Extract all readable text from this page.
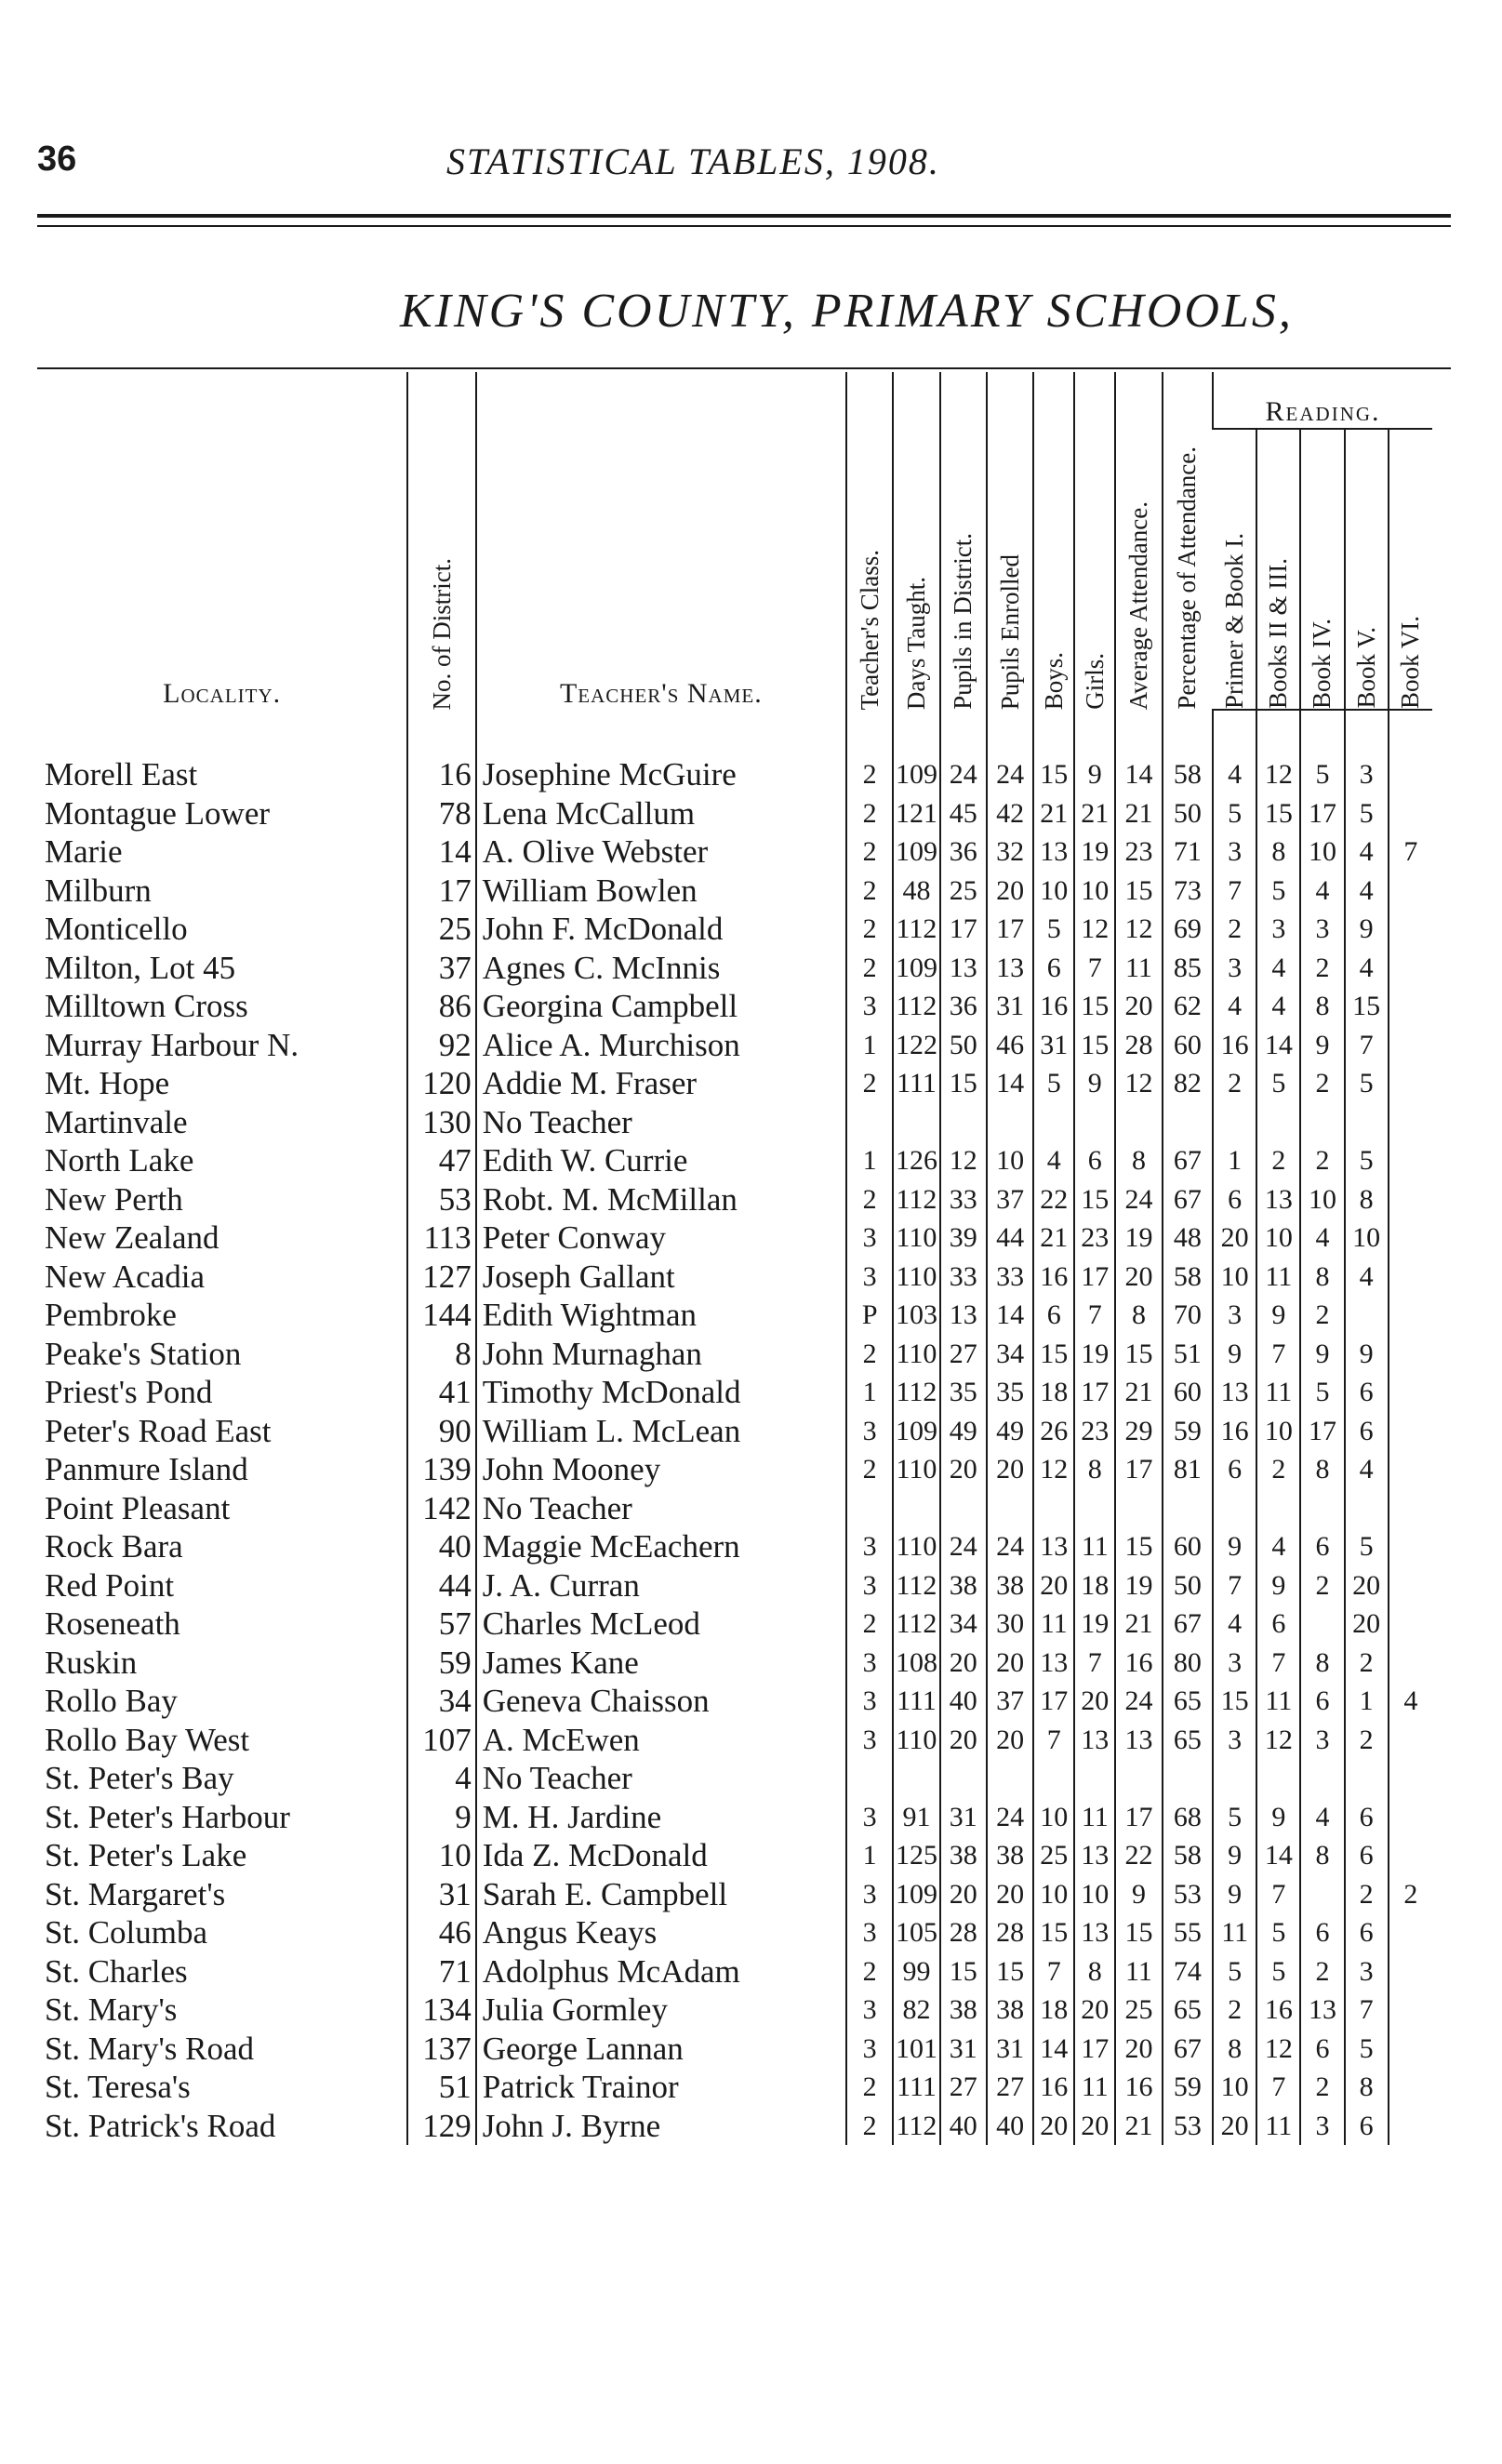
36	STATISTICAL TABLES, 1908.
KING'S COUNTY, PRIMARY SCHOOLS,
Locality.	No. of District.	Teacher's Name.	Teacher's Class.	Days Taught.	Pupils in District.	Pupils Enrolled	Boys.	Girls.	Average Attendance.	Percentage of Attendance.	Reading.				

											Primer & Book I.	Books II & III.	Book IV.	Book V.	Book VI.

Morell East	16	Josephine McGuire	2	109	24	24	15	9	14	58	4	12	5	3	
Montague Lower	78	Lena McCallum	2	121	45	42	21	21	21	50	5	15	17	5	
Marie	14	A. Olive Webster	2	109	36	32	13	19	23	71	3	8	10	4	7
Milburn	17	William Bowlen	2	48	25	20	10	10	15	73	7	5	4	4	
Monticello	25	John F. McDonald	2	112	17	17	5	12	12	69	2	3	3	9	
Milton, Lot 45	37	Agnes C. McInnis	2	109	13	13	6	7	11	85	3	4	2	4	
Milltown Cross	86	Georgina Campbell	3	112	36	31	16	15	20	62	4	4	8	15	
Murray Harbour N.	92	Alice A. Murchison	1	122	50	46	31	15	28	60	16	14	9	7	
Mt. Hope	120	Addie M. Fraser	2	111	15	14	5	9	12	82	2	5	2	5	
Martinvale	130	No Teacher													
North Lake	47	Edith W. Currie	1	126	12	10	4	6	8	67	1	2	2	5	
New Perth	53	Robt. M. McMillan	2	112	33	37	22	15	24	67	6	13	10	8	
New Zealand	113	Peter Conway	3	110	39	44	21	23	19	48	20	10	4	10	
New Acadia	127	Joseph Gallant	3	110	33	33	16	17	20	58	10	11	8	4	
Pembroke	144	Edith Wightman	P	103	13	14	6	7	8	70	3	9	2		
Peake's Station	8	John Murnaghan	2	110	27	34	15	19	15	51	9	7	9	9	
Priest's Pond	41	Timothy McDonald	1	112	35	35	18	17	21	60	13	11	5	6	
Peter's Road East	90	William L. McLean	3	109	49	49	26	23	29	59	16	10	17	6	
Panmure Island	139	John Mooney	2	110	20	20	12	8	17	81	6	2	8	4	
Point Pleasant	142	No Teacher													
Rock Bara	40	Maggie McEachern	3	110	24	24	13	11	15	60	9	4	6	5	
Red Point	44	J. A. Curran	3	112	38	38	20	18	19	50	7	9	2	20	
Roseneath	57	Charles McLeod	2	112	34	30	11	19	21	67	4	6		20	
Ruskin	59	James Kane	3	108	20	20	13	7	16	80	3	7	8	2	
Rollo Bay	34	Geneva Chaisson	3	111	40	37	17	20	24	65	15	11	6	1	4
Rollo Bay West	107	A. McEwen	3	110	20	20	7	13	13	65	3	12	3	2	
St. Peter's Bay	4	No Teacher													
St. Peter's Harbour	9	M. H. Jardine	3	91	31	24	10	11	17	68	5	9	4	6	
St. Peter's Lake	10	Ida Z. McDonald	1	125	38	38	25	13	22	58	9	14	8	6	
St. Margaret's	31	Sarah E. Campbell	3	109	20	20	10	10	9	53	9	7		2	2
St. Columba	46	Angus Keays	3	105	28	28	15	13	15	55	11	5	6	6	
St. Charles	71	Adolphus McAdam	2	99	15	15	7	8	11	74	5	5	2	3	
St. Mary's	134	Julia Gormley	3	82	38	38	18	20	25	65	2	16	13	7	
St. Mary's Road	137	George Lannan	3	101	31	31	14	17	20	67	8	12	6	5	
St. Teresa's	51	Patrick Trainor	2	111	27	27	16	11	16	59	10	7	2	8	
St. Patrick's Road	129	John J. Byrne	2	112	40	40	20	20	21	53	20	11	3	6	
